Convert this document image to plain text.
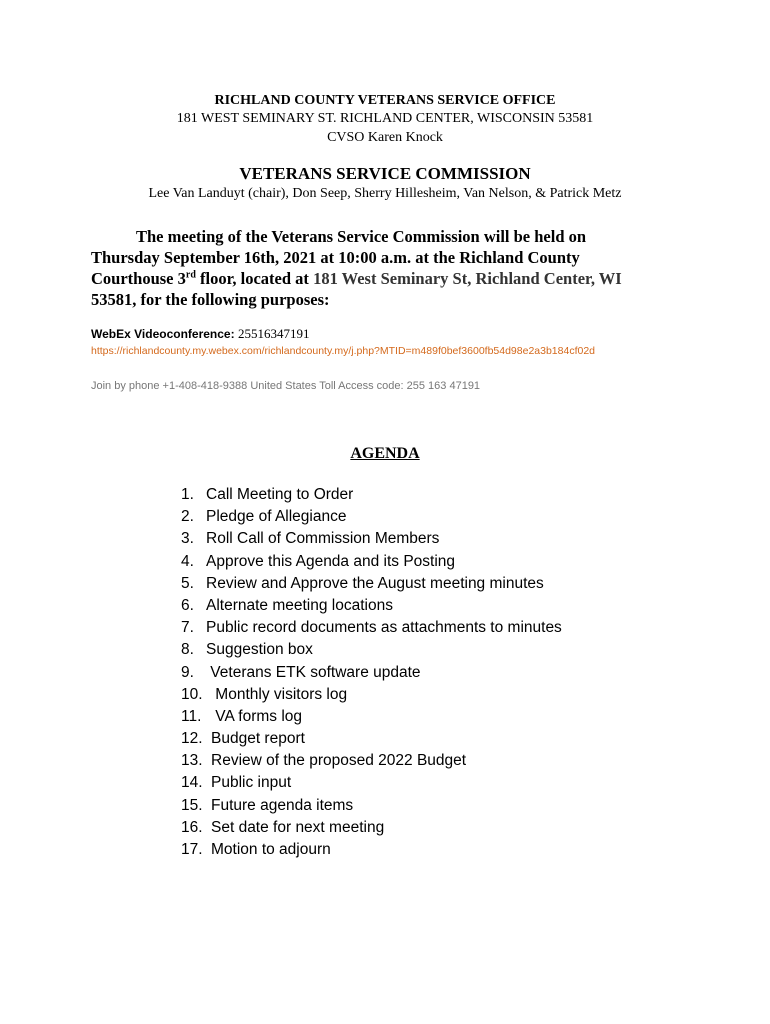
RICHLAND COUNTY VETERANS SERVICE OFFICE
181 WEST SEMINARY ST. RICHLAND CENTER, WISCONSIN 53581
CVSO Karen Knock
VETERANS SERVICE COMMISSION
Lee Van Landuyt (chair), Don Seep, Sherry Hillesheim, Van Nelson, & Patrick Metz
The meeting of the Veterans Service Commission will be held on
Thursday September 16th, 2021 at 10:00 a.m. at the Richland County
Courthouse 3rd floor, located at 181 West Seminary St, Richland Center, WI
53581, for the following purposes:
WebEx Videoconference: 25516347191
https://richlandcounty.my.webex.com/richlandcounty.my/j.php?MTID=m489f0bef3600fb54d98e2a3b184cf02d
Join by phone +1-408-418-9388 United States Toll Access code: 255 163 47191
AGENDA
1. Call Meeting to Order
2. Pledge of Allegiance
3. Roll Call of Commission Members
4. Approve this Agenda and its Posting
5. Review and Approve the August meeting minutes
6. Alternate meeting locations
7. Public record documents as attachments to minutes
8. Suggestion box
9. Veterans ETK software update
10. Monthly visitors log
11. VA forms log
12. Budget report
13. Review of the proposed 2022 Budget
14. Public input
15. Future agenda items
16. Set date for next meeting
17. Motion to adjourn
